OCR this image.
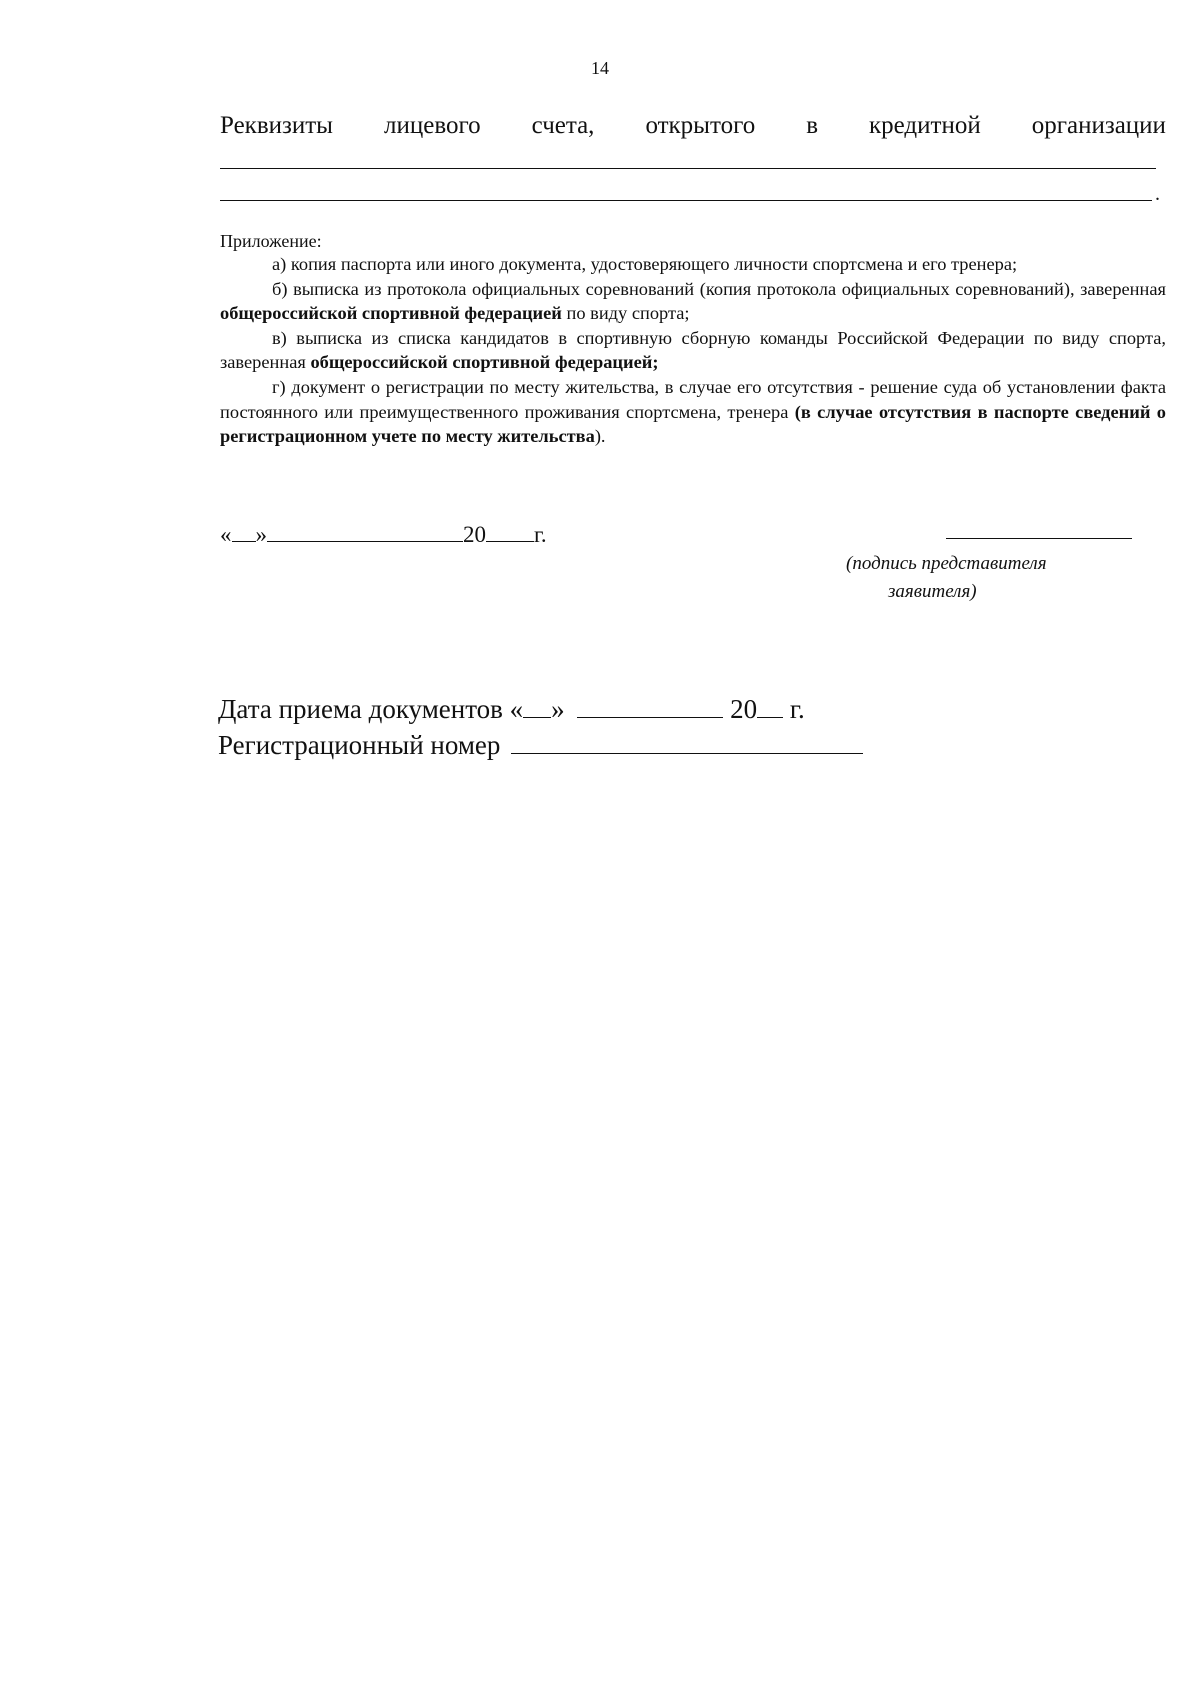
14
Реквизиты лицевого счета, открытого в кредитной организации
.
Приложение:

а) копия паспорта или иного документа, удостоверяющего личности спортсмена и его тренера;

б) выписка из протокола официальных соревнований (копия протокола официальных соревнований), заверенная общероссийской спортивной федерацией по виду спорта;

в) выписка из списка кандидатов в спортивную сборную команды Российской Федерации по виду спорта, заверенная общероссийской спортивной федерацией;

г) документ о регистрации по месту жительства, в случае его отсутствия - решение суда об установлении факта постоянного или преимущественного проживания спортсмена, тренера (в случае отсутствия в паспорте сведений о регистрационном учете по месту жительства).

« »	20 г.
(подпись представителя
заявителя)
Дата приема документов « »	20 г.
Регистрационный номер
